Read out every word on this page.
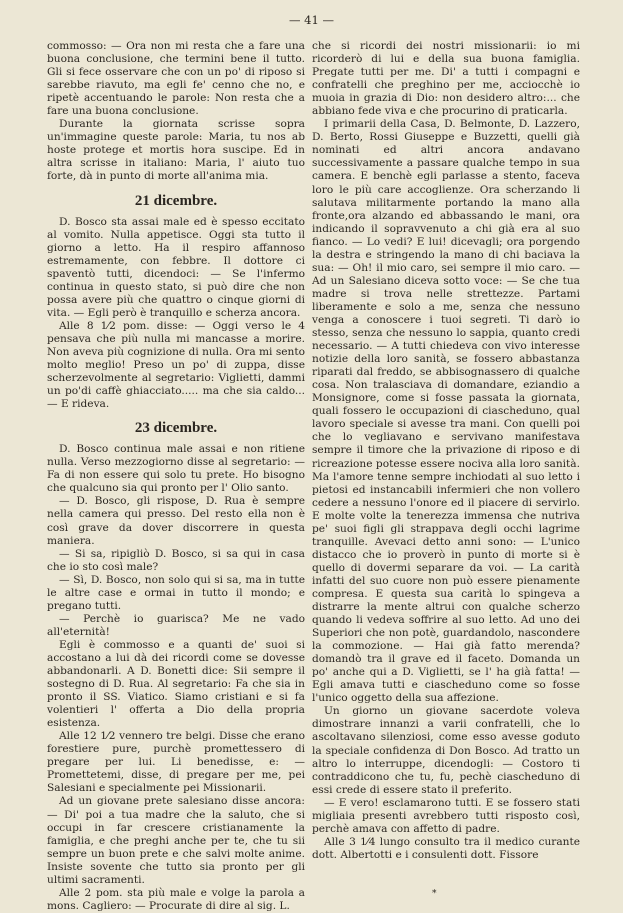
— 41 —

commosso: — Ora non mi resta che a fare una buona conclusione, che termini bene il tutto. Gli si fece osservare che con un po' di riposo si sarebbe riavuto, ma egli fe' cenno che no, e ripetè accentuando le parole: Non resta che a fare una buona conclusione.

Durante la giornata scrisse sopra un'immagine queste parole: Maria, tu nos ab hoste protege et mortis hora suscipe. Ed in altra scrisse in italiano: Maria, l' aiuto tuo forte, dà in punto di morte all'anima mia.

21 dicembre.

D. Bosco sta assai male ed è spesso eccitato al vomito. Nulla appetisce. Oggi sta tutto il giorno a letto. Ha il respiro affannoso estremamente, con febbre. Il dottore ci spaventò tutti, dicendoci: — Se l'infermo continua in questo stato, si può dire che non possa avere più che quattro o cinque giorni di vita. — Egli però è tranquillo e scherza ancora.

Alle 8 1⁄2 pom. disse: — Oggi verso le 4 pensava che più nulla mi mancasse a morire. Non aveva più cognizione di nulla. Ora mi sento molto meglio! Preso un po' di zuppa, disse scherzevolmente al segretario: Viglietti, dammi un po'di caffè ghiacciato..... ma che sia caldo... — E rideva.

23 dicembre.

D. Bosco continua male assai e non ritiene nulla. Verso mezzogiorno disse al segretario: — Fa di non essere qui solo tu prete. Ho bisogno che qualcuno sia qui pronto per l' Olio santo.

— D. Bosco, gli rispose, D. Rua è sempre nella camera qui presso. Del resto ella non è così grave da dover discorrere in questa maniera.

— Si sa, ripigliò D. Bosco, si sa qui in casa che io sto così male?

— Sì, D. Bosco, non solo qui si sa, ma in tutte le altre case e ormai in tutto il mondo; e pregano tutti.

— Perchè io guarisca? Me ne vado all'eternità!

Egli è commosso e a quanti de' suoi si accostano a lui dà dei ricordi come se dovesse abbandonarli. A D. Bonetti dice: Sii sempre il sostegno di D. Rua. Al segretario: Fa che sia in pronto il SS. Viatico. Siamo cristiani e si fa volentieri l' offerta a Dio della propria esistenza.

Alle 12 1⁄2 vennero tre belgi. Disse che erano forestiere pure, purchè promettessero di pregare per lui. Li benedisse, e: — Promettetemi, disse, di pregare per me, pei Salesiani e specialmente pei Missionarii.

Ad un giovane prete salesiano disse ancora: — Di' poi a tua madre che la saluto, che si occupi in far crescere cristianamente la famiglia, e che preghi anche per te, che tu sii sempre un buon prete e che salvi molte anime. Insiste sovente che tutto sia pronto per gli ultimi sacramenti.

Alle 2 pom. sta più male e volge la parola a mons. Cagliero: — Procurate di dire al sig. L.

che si ricordi dei nostri missionarii: io mi ricorderò di lui e della sua buona famiglia. Pregate tutti per me. Di' a tutti i compagni e confratelli che preghino per me, acciocchè io muoia in grazia di Dio: non desidero altro:... che abbiano fede viva e che procurino di praticarla.

I primarii della Casa, D. Belmonte, D. Lazzero, D. Berto, Rossi Giuseppe e Buzzetti, quelli già nominati ed altri ancora andavano successivamente a passare qualche tempo in sua camera. E benchè egli parlasse a stento, faceva loro le più care accoglienze. Ora scherzando li salutava militarmente portando la mano alla fronte,ora alzando ed abbassando le mani, ora indicando il sopravvenuto a chi già era al suo fianco. — Lo vedi? E lui! dicevagli; ora porgendo la destra e stringendo la mano di chi baciava la sua: — Oh! il mio caro, sei sempre il mio caro. — Ad un Salesiano diceva sotto voce: — Se che tua madre si trova nelle strettezze. Partami liberamente e solo a me, senza che nessuno venga a conoscere i tuoi segreti. Ti darò io stesso, senza che nessuno lo sappia, quanto credi necessario. — A tutti chiedeva con vivo interesse notizie della loro sanità, se fossero abbastanza riparati dal freddo, se abbisognassero di qualche cosa. Non tralasciava di domandare, eziandio a Monsignore, come si fosse passata la giornata, quali fossero le occupazioni di ciascheduno, qual lavoro speciale si avesse tra mani. Con quelli poi che lo vegliavano e servivano manifestava sempre il timore che la privazione di riposo e di ricreazione potesse essere nociva alla loro sanità. Ma l'amore tenne sempre inchiodati al suo letto i pietosi ed instancabili infermieri che non vollero cedere a nessuno l'onore ed il piacere di servirlo. E molte volte la tenerezza immensa che nutriva pe' suoi figli gli strappava degli occhi lagrime tranquille. Avevaci detto anni sono: — L'unico distacco che io proverò in punto di morte si è quello di dovermi separare da voi. — La carità infatti del suo cuore non può essere pienamente compresa. E questa sua carità lo spingeva a distrarre la mente altrui con qualche scherzo quando li vedeva soffrire al suo letto. Ad uno dei Superiori che non potè, guardandolo, nascondere la commozione. — Hai già fatto merenda? domandò tra il grave ed il faceto. Domanda un po' anche qui a D. Viglietti, se l' ha già fatta! — Egli amava tutti e ciascheduno come so fosse l'unico oggetto della sua affezione.

Un giorno un giovane sacerdote voleva dimostrare innanzi a varii confratelli, che lo ascoltavano silenziosi, come esso avesse goduto la speciale confidenza di Don Bosco. Ad tratto un altro lo interruppe, dicendogli: — Costoro ti contraddicono che tu, fu, pechè ciascheduno di essi crede di essere stato il preferito.

— E vero! esclamarono tutti. E se fossero stati migliaia presenti avrebbero tutti risposto così, perchè amava con affetto di padre.

Alle 3 1⁄4 lungo consulto tra il medico curante dott. Albertotti e i consulenti dott. Fissore

*
